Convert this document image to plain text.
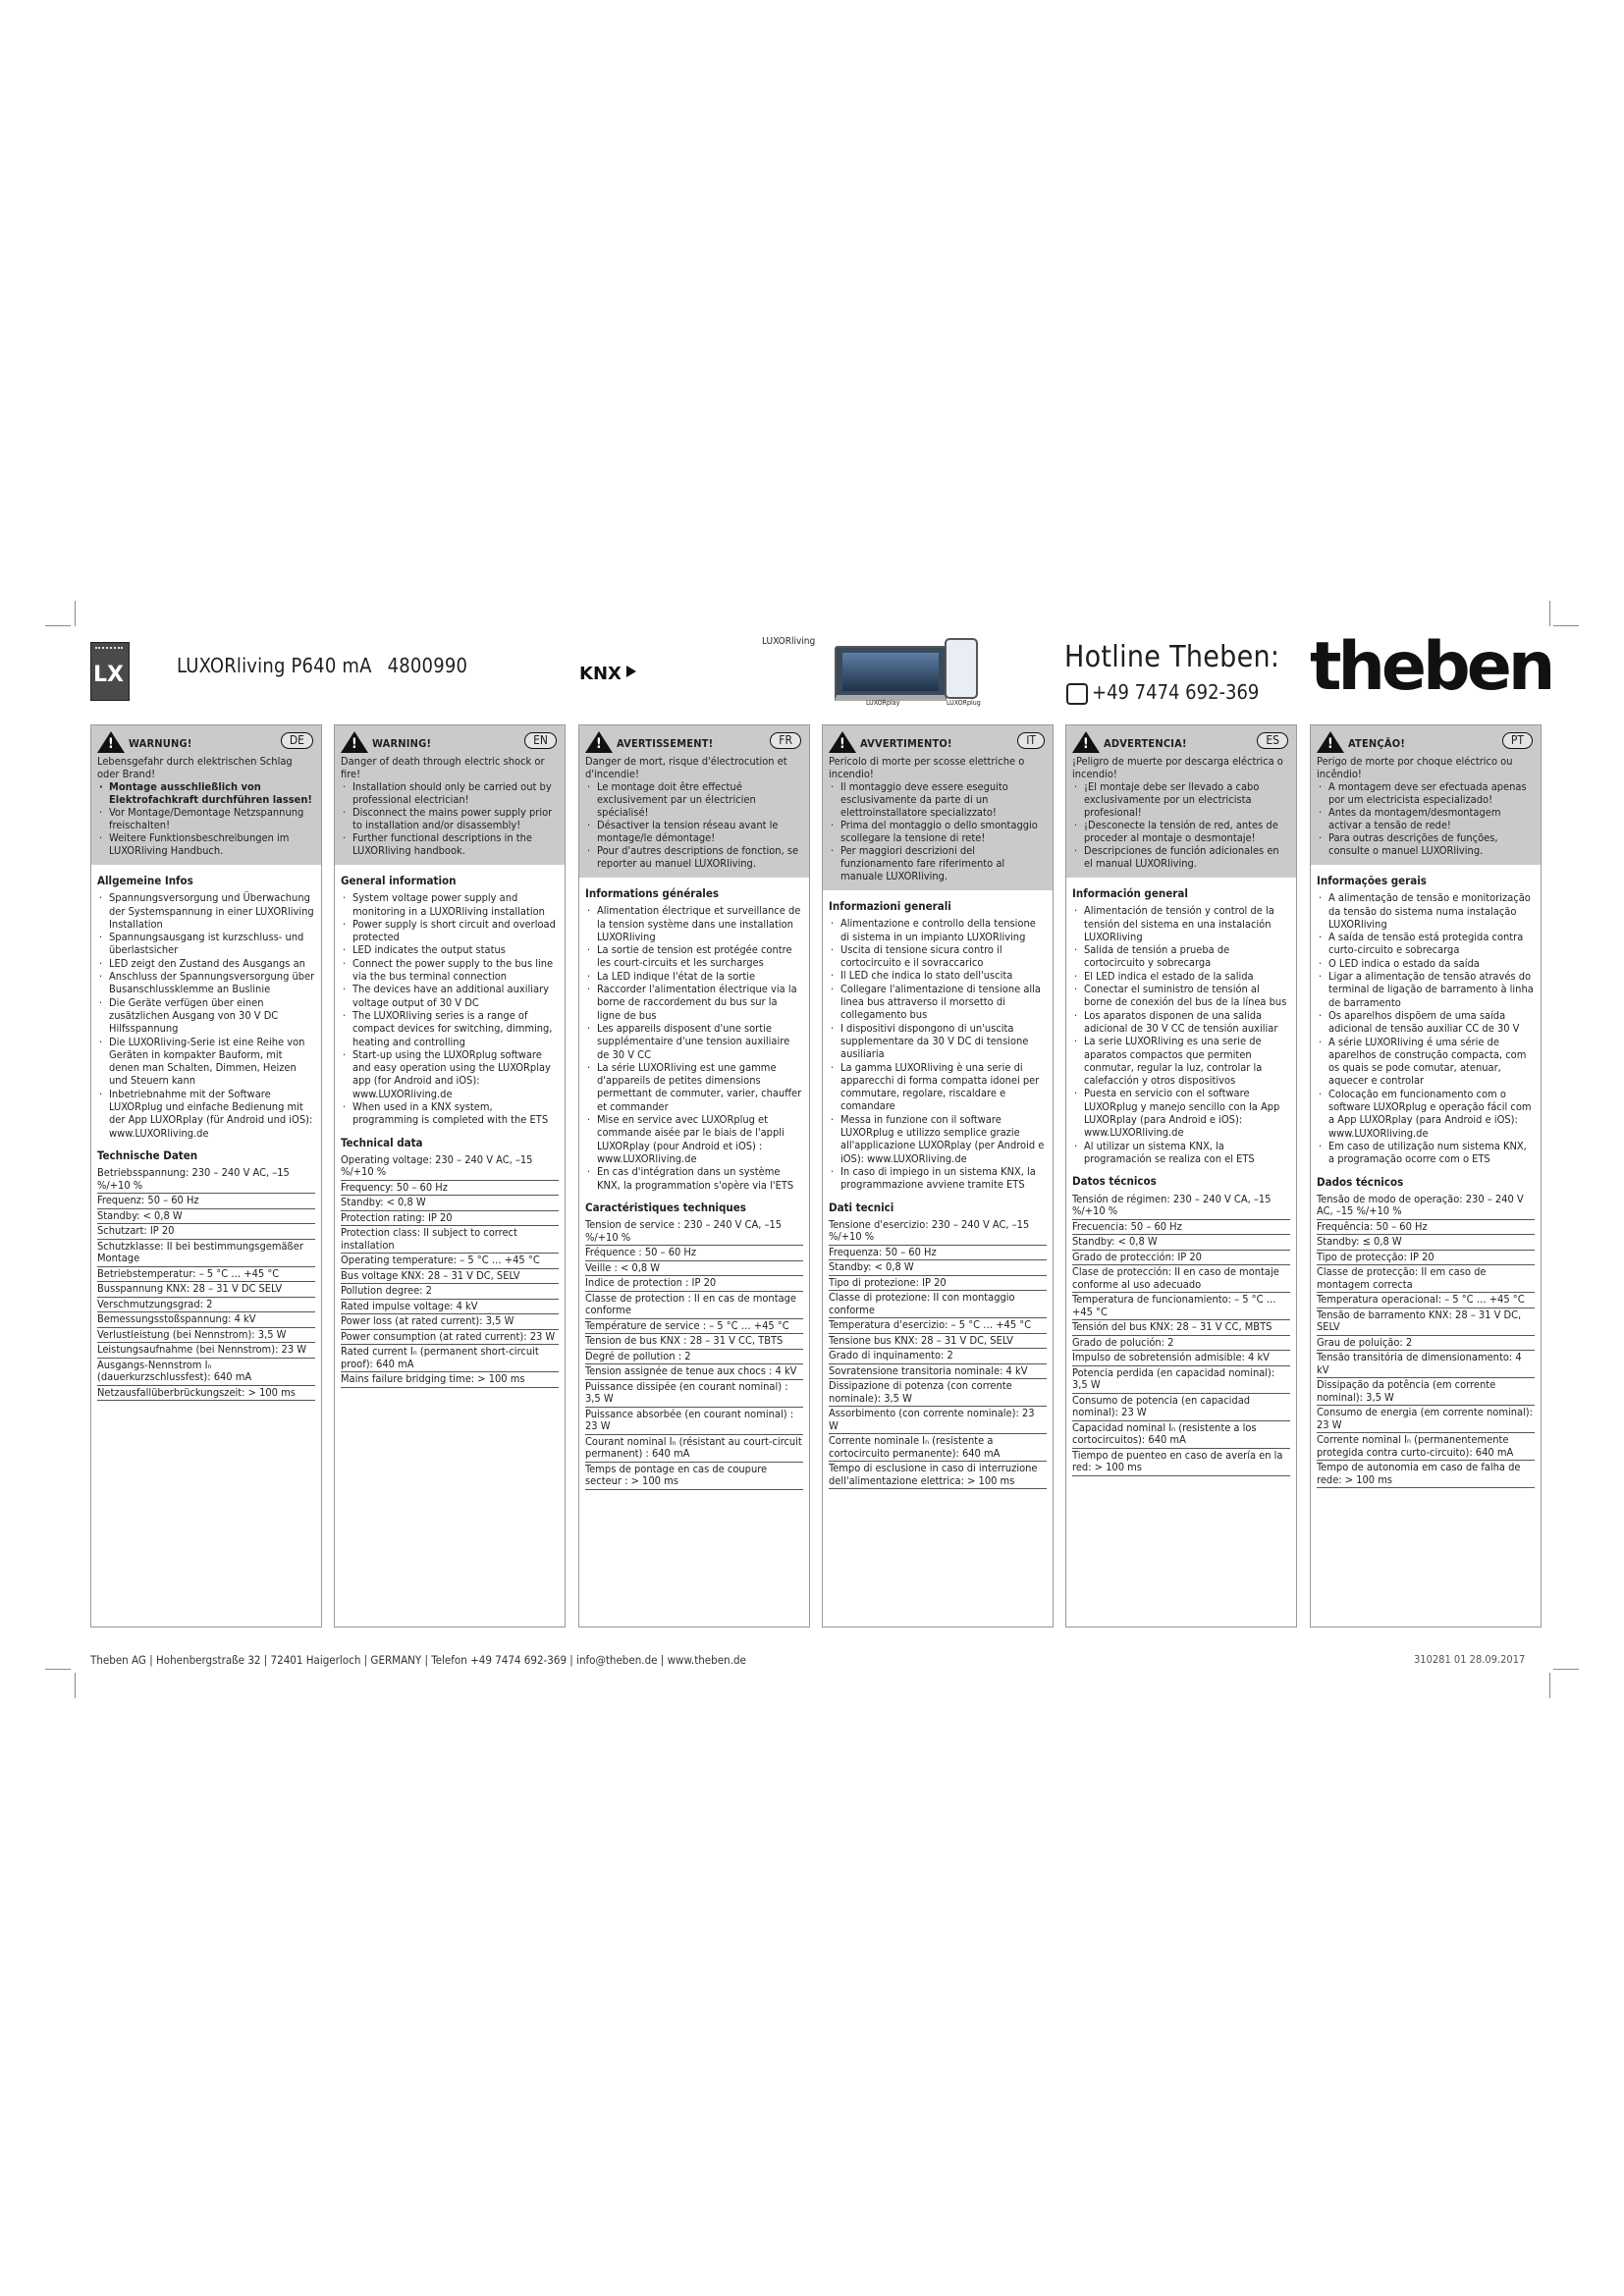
LX	LUXORliving P640 mA 4800990	KNX
LUXORliving
LUXORplay	LUXORplug
Hotline Theben:
+49 7474 692-369 theben
!
WARNUNG!	DE
Lebensgefahr durch elektrischen Schlag oder Brand!
· Montage ausschließlich von Elektrofachkraft durchführen lassen!
· Vor Montage/Demontage Netzspannung freischalten!
· Weitere Funktionsbeschreibungen im LUXORliving Handbuch.
Allgemeine Infos
· Spannungsversorgung und Überwachung der Systemspannung in einer LUXORliving Installation
· Spannungsausgang ist kurzschluss- und überlastsicher
· LED zeigt den Zustand des Ausgangs an
· Anschluss der Spannungsversorgung über Busanschlussklemme an Buslinie
· Die Geräte verfügen über einen zusätzlichen Ausgang von 30 V DC Hilfsspannung
· Die LUXORliving-Serie ist eine Reihe von Geräten in kompakter Bauform, mit denen man Schalten, Dimmen, Heizen und Steuern kann
· Inbetriebnahme mit der Software LUXORplug und einfache Bedienung mit der App LUXORplay (für Android und iOS): www.LUXORliving.de
Technische Daten
Betriebsspannung: 230 – 240 V AC, –15 %/+10 %
Frequenz: 50 – 60 Hz
Standby: < 0,8 W
Schutzart: IP 20
Schutzklasse: II bei bestimmungsgemäßer Montage
Betriebstemperatur: – 5 °C … +45 °C
Busspannung KNX: 28 – 31 V DC SELV
Verschmutzungsgrad: 2
Bemessungsstoßspannung: 4 kV
Verlustleistung (bei Nennstrom): 3,5 W
Leistungsaufnahme (bei Nennstrom): 23 W
Ausgangs-Nennstrom Iₙ (dauerkurzschlussfest): 640 mA
Netzausfallüberbrückungszeit: > 100 ms
!
WARNING!	EN
Danger of death through electric shock or fire!
· Installation should only be carried out by professional electrician!
· Disconnect the mains power supply prior to installation and/or disassembly!
· Further functional descriptions in the LUXORliving handbook.
General information
· System voltage power supply and monitoring in a LUXORliving installation
· Power supply is short circuit and overload protected
· LED indicates the output status
· Connect the power supply to the bus line via the bus terminal connection
· The devices have an additional auxiliary voltage output of 30 V DC
· The LUXORliving series is a range of compact devices for switching, dimming, heating and controlling
· Start-up using the LUXORplug software and easy operation using the LUXORplay app (for Android and iOS): www.LUXORliving.de
· When used in a KNX system, programming is completed with the ETS
Technical data
Operating voltage: 230 – 240 V AC, –15 %/+10 %
Frequency: 50 – 60 Hz
Standby: < 0,8 W
Protection rating: IP 20
Protection class: II subject to correct installation
Operating temperature: – 5 °C … +45 °C
Bus voltage KNX: 28 – 31 V DC, SELV
Pollution degree: 2
Rated impulse voltage: 4 kV
Power loss (at rated current): 3,5 W
Power consumption (at rated current): 23 W
Rated current Iₙ (permanent short-circuit proof): 640 mA
Mains failure bridging time: > 100 ms
!
AVERTISSEMENT!	FR
Danger de mort, risque d'électrocution et d'incendie!
· Le montage doit être effectué exclusivement par un électricien spécialisé!
· Désactiver la tension réseau avant le montage/le démontage!
· Pour d'autres descriptions de fonction, se reporter au manuel LUXORliving.
Informations générales
· Alimentation électrique et surveillance de la tension système dans une installation LUXORliving
· La sortie de tension est protégée contre les court-circuits et les surcharges
· La LED indique l'état de la sortie
· Raccorder l'alimentation électrique via la borne de raccordement du bus sur la ligne de bus
· Les appareils disposent d'une sortie supplémentaire d'une tension auxiliaire de 30 V CC
· La série LUXORliving est une gamme d'appareils de petites dimensions permettant de commuter, varier, chauffer et commander
· Mise en service avec LUXORplug et commande aisée par le biais de l'appli LUXORplay (pour Android et iOS) : www.LUXORliving.de
· En cas d'intégration dans un système KNX, la programmation s'opère via l'ETS
Caractéristiques techniques
Tension de service : 230 – 240 V CA, –15 %/+10 %
Fréquence : 50 – 60 Hz
Veille : < 0,8 W
Indice de protection : IP 20
Classe de protection : II en cas de montage conforme
Température de service : – 5 °C … +45 °C
Tension de bus KNX : 28 – 31 V CC, TBTS
Degré de pollution : 2
Tension assignée de tenue aux chocs : 4 kV
Puissance dissipée (en courant nominal) : 3,5 W
Puissance absorbée (en courant nominal) : 23 W
Courant nominal Iₙ (résistant au court-circuit permanent) : 640 mA
Temps de pontage en cas de coupure secteur : > 100 ms
!
AVVERTIMENTO!	IT
Pericolo di morte per scosse elettriche o incendio!
· Il montaggio deve essere eseguito esclusivamente da parte di un elettroinstallatore specializzato!
· Prima del montaggio o dello smontaggio scollegare la tensione di rete!
· Per maggiori descrizioni del funzionamento fare riferimento al manuale LUXORliving.
Informazioni generali
· Alimentazione e controllo della tensione di sistema in un impianto LUXORliving
· Uscita di tensione sicura contro il cortocircuito e il sovraccarico
· Il LED che indica lo stato dell'uscita
· Collegare l'alimentazione di tensione alla linea bus attraverso il morsetto di collegamento bus
· I dispositivi dispongono di un'uscita supplementare da 30 V DC di tensione ausiliaria
· La gamma LUXORliving è una serie di apparecchi di forma compatta idonei per commutare, regolare, riscaldare e comandare
· Messa in funzione con il software LUXORplug e utilizzo semplice grazie all'applicazione LUXORplay (per Android e iOS): www.LUXORliving.de
· In caso di impiego in un sistema KNX, la programmazione avviene tramite ETS
Dati tecnici
Tensione d'esercizio: 230 – 240 V AC, –15 %/+10 %
Frequenza: 50 – 60 Hz
Standby: < 0,8 W
Tipo di protezione: IP 20
Classe di protezione: II con montaggio conforme
Temperatura d'esercizio: – 5 °C … +45 °C
Tensione bus KNX: 28 – 31 V DC, SELV
Grado di inquinamento: 2
Sovratensione transitoria nominale: 4 kV
Dissipazione di potenza (con corrente nominale): 3,5 W
Assorbimento (con corrente nominale): 23 W
Corrente nominale Iₙ (resistente a cortocircuito permanente): 640 mA
Tempo di esclusione in caso di interruzione dell'alimentazione elettrica: > 100 ms
!
ADVERTENCIA!	ES
¡Peligro de muerte por descarga eléctrica o incendio!
· ¡El montaje debe ser llevado a cabo exclusivamente por un electricista profesional!
· ¡Desconecte la tensión de red, antes de proceder al montaje o desmontaje!
· Descripciones de función adicionales en el manual LUXORliving.
Información general
· Alimentación de tensión y control de la tensión del sistema en una instalación LUXORliving
· Salida de tensión a prueba de cortocircuito y sobrecarga
· El LED indica el estado de la salida
· Conectar el suministro de tensión al borne de conexión del bus de la línea bus
· Los aparatos disponen de una salida adicional de 30 V CC de tensión auxiliar
· La serie LUXORliving es una serie de aparatos compactos que permiten conmutar, regular la luz, controlar la calefacción y otros dispositivos
· Puesta en servicio con el software LUXORplug y manejo sencillo con la App LUXORplay (para Android e iOS): www.LUXORliving.de
· Al utilizar un sistema KNX, la programación se realiza con el ETS
Datos técnicos
Tensión de régimen: 230 – 240 V CA, –15 %/+10 %
Frecuencia: 50 – 60 Hz
Standby: < 0,8 W
Grado de protección: IP 20
Clase de protección: II en caso de montaje conforme al uso adecuado
Temperatura de funcionamiento: – 5 °C … +45 °C
Tensión del bus KNX: 28 – 31 V CC, MBTS
Grado de polución: 2
Impulso de sobretensión admisible: 4 kV
Potencia perdida (en capacidad nominal): 3,5 W
Consumo de potencia (en capacidad nominal): 23 W
Capacidad nominal Iₙ (resistente a los cortocircuitos): 640 mA
Tiempo de puenteo en caso de avería en la red: > 100 ms
!
ATENÇÃO!	PT
Perigo de morte por choque eléctrico ou incêndio!
· A montagem deve ser efectuada apenas por um electricista especializado!
· Antes da montagem/desmontagem activar a tensão de rede!
· Para outras descrições de funções, consulte o manuel LUXORliving.
Informações gerais
· A alimentação de tensão e monitorização da tensão do sistema numa instalação LUXORliving
· A saída de tensão está protegida contra curto-circuito e sobrecarga
· O LED indica o estado da saída
· Ligar a alimentação de tensão através do terminal de ligação de barramento à linha de barramento
· Os aparelhos dispõem de uma saída adicional de tensão auxiliar CC de 30 V
· A série LUXORliving é uma série de aparelhos de construção compacta, com os quais se pode comutar, atenuar, aquecer e controlar
· Colocação em funcionamento com o software LUXORplug e operação fácil com a App LUXORplay (para Android e iOS): www.LUXORliving.de
· Em caso de utilização num sistema KNX, a programação ocorre com o ETS
Dados técnicos
Tensão de modo de operação: 230 – 240 V AC, –15 %/+10 %
Frequência: 50 – 60 Hz
Standby: ≤ 0,8 W
Tipo de protecção: IP 20
Classe de protecção: II em caso de montagem correcta
Temperatura operacional: – 5 °C … +45 °C
Tensão de barramento KNX: 28 – 31 V DC, SELV
Grau de poluição: 2
Tensão transitória de dimensionamento: 4 kV
Dissipação da potência (em corrente nominal): 3,5 W
Consumo de energia (em corrente nominal): 23 W
Corrente nominal Iₙ (permanentemente protegida contra curto-circuito): 640 mA
Tempo de autonomia em caso de falha de rede: > 100 ms
Theben AG | Hohenbergstraße 32 | 72401 Haigerloch | GERMANY | Telefon +49 7474 692-369 | info@theben.de | www.theben.de	310281 01 28.09.2017
